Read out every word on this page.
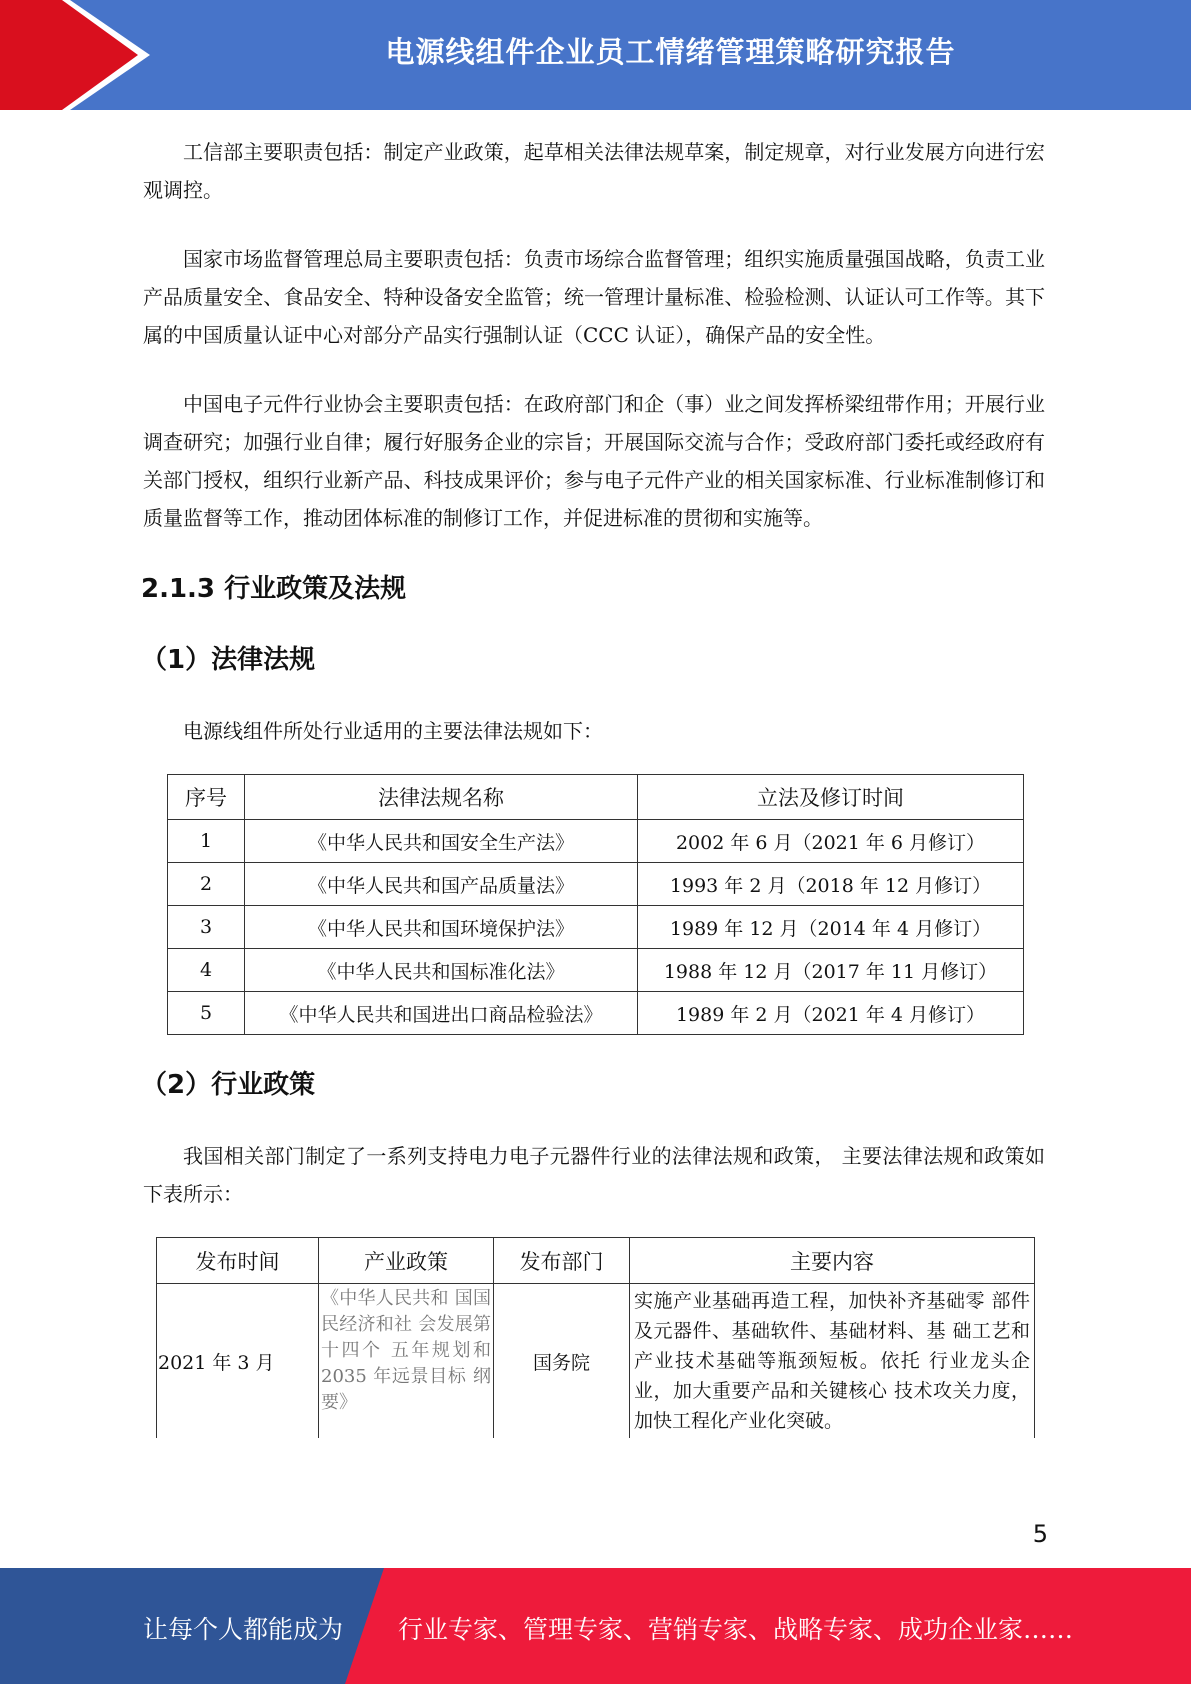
电源线组件企业员工情绪管理策略研究报告

工信部主要职责包括：制定产业政策，起草相关法律法规草案，制定规章，对行业发展方向进行宏观调控。

国家市场监督管理总局主要职责包括：负责市场综合监督管理；组织实施质量强国战略，负责工业产品质量安全、食品安全、特种设备安全监管；统一管理计量标准、检验检测、认证认可工作等。其下属的中国质量认证中心对部分产品实行强制认证（CCC 认证），确保产品的安全性。

中国电子元件行业协会主要职责包括：在政府部门和企（事）业之间发挥桥梁纽带作用；开展行业调查研究；加强行业自律；履行好服务企业的宗旨；开展国际交流与合作；受政府部门委托或经政府有关部门授权，组织行业新产品、科技成果评价；参与电子元件产业的相关国家标准、行业标准制修订和质量监督等工作，推动团体标准的制修订工作，并促进标准的贯彻和实施等。

2.1.3 行业政策及法规
（1）法律法规

电源线组件所处行业适用的主要法律法规如下：

序号	法律法规名称	立法及修订时间
1	《中华人民共和国安全生产法》	2002 年 6 月（2021 年 6 月修订）
2	《中华人民共和国产品质量法》	1993 年 2 月（2018 年 12 月修订）
3	《中华人民共和国环境保护法》	1989 年 12 月（2014 年 4 月修订）
4	《中华人民共和国标准化法》	1988 年 12 月（2017 年 11 月修订）
5	《中华人民共和国进出口商品检验法》	1989 年 2 月（2021 年 4 月修订）
（2）行业政策

我国相关部门制定了一系列支持电力电子元器件行业的法律法规和政策， 主要法律法规和政策如下表所示：

发布时间	产业政策	发布部门	主要内容
2021 年 3 月	《中华人民共和 国国民经济和社 会发展第十四个 五年规划和 2035 年远景目标 纲要》	国务院	实施产业基础再造工程，加快补齐基础零 部件及元器件、基础软件、基础材料、基 础工艺和产业技术基础等瓶颈短板。依托 行业龙头企业，加大重要产品和关键核心 技术攻关力度，加快工程化产业化突破。
5
让每个人都能成为 行业专家、管理专家、营销专家、战略专家、成功企业家……
